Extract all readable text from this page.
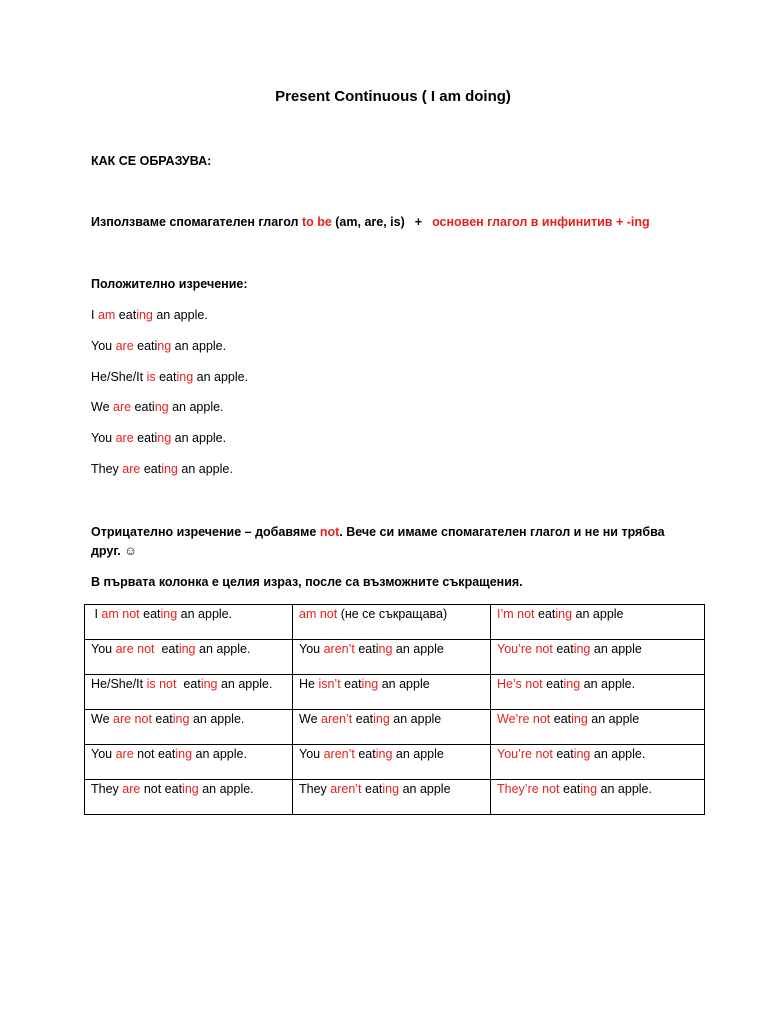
Present Continuous ( I am doing)
КАК СЕ ОБРАЗУВА:
Използваме спомагателен глагол to be (am, are, is) + основен глагол в инфинитив + -ing
Положително изречение:
I am eating an apple.
You are eating an apple.
He/She/It is eating an apple.
We are eating an apple.
You are eating an apple.
They are eating an apple.
Отрицателно изречение – добавяме not. Вече си имаме спомагателен глагол и не ни трябва друг. ☺
В първата колонка е целия израз, после са възможните съкращения.
I am not eating an apple.	am not (не се съкращава)	I’m not eating an apple
You are not  eating an apple.	You aren’t eating an apple	You’re not eating an apple
He/She/It is not  eating an apple.	He isn’t eating an apple	He’s not eating an apple.
We are not eating an apple.	We aren’t eating an apple	We’re not eating an apple
You are not eating an apple.	You aren’t eating an apple	You’re not eating an apple.
They are not eating an apple.	They aren’t eating an apple	They’re not eating an apple.
